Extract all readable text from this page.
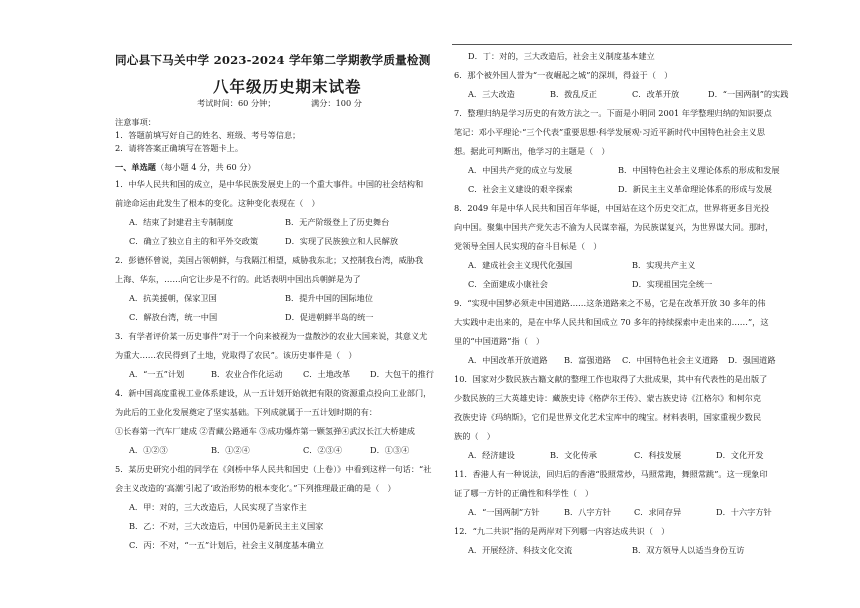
同心县下马关中学 2023-2024 学年第二学期教学质量检测
八年级历史期末试卷
考试时间：60 分钟；	满分：100 分
注意事项：
1．答题前填写好自己的姓名、班级、考号等信息；
2．请将答案正确填写在答题卡上。
一、单选题（每小题 4 分，共 60 分）
1．中华人民共和国的成立，是中华民族发展史上的一个重大事件。中国的社会结构和
前途命运由此发生了根本的变化。这种变化表现在（　）
A．结束了封建君主专制制度	B．无产阶级登上了历史舞台
C．确立了独立自主的和平外交政策	D．实现了民族独立和人民解放
2．彭德怀曾说，美国占领朝鲜，与我隔江相望，威胁我东北；又控制我台湾，威胁我
上海、华东，……向它让步是不行的。此话表明中国出兵朝鲜是为了
A．抗美援朝，保家卫国	B．提升中国的国际地位
C．解放台湾，统一中国	D．促进朝鲜半岛的统一
3．有学者评价某一历史事件“对于一个向来被视为一盘散沙的农业大国来说，其意义尤
为重大……农民得到了土地，党取得了农民”。该历史事件是（　）
A．“一五”计划	B．农业合作化运动 C．土地改革 D．大包干的推行
4．新中国高度重视工业体系建设，从一五计划开始就把有限的资源重点投向工业部门，
为此后的工业化发展奠定了坚实基础。下列成就属于一五计划时期的有：
①长春第一汽车厂建成 ②青藏公路通车 ③成功爆炸第一颗氢弹④武汉长江大桥建成
A．①②③	B．①②④	C．②③④	D．①③④
5．某历史研究小组的同学在《剑桥中华人民共和国史（上卷）》中看到这样一句话：“社
会主义改造的‘高潮’引起了‘政治形势的根本变化’。”下列推理最正确的是（　）
A．甲：对的，三大改造后，人民实现了当家作主
B．乙：不对，三大改造后，中国仍是新民主主义国家
C．丙：不对，“一五”计划后，社会主义制度基本确立
D．丁：对的，三大改造后，社会主义制度基本建立
6．那个被外国人誉为“一夜崛起之城”的深圳，得益于（　）
A．三大改造	B．拨乱反正	C．改革开放	D．“一国两制”的实践
7．整理归纳是学习历史的有效方法之一。下面是小明同 2001 年学整理归纳的知识要点
笔记：邓小平理论·“三个代表”重要思想·科学发展观·习近平新时代中国特色社会主义思
想。据此可判断出，他学习的主题是（　）
A．中国共产党的成立与发展	B．中国特色社会主义理论体系的形成和发展
C．社会主义建设的艰辛探索	D．新民主主义革命理论体系的形成与发展
8．2049 年是中华人民共和国百年华诞，中国站在这个历史交汇点，世界将更多目光投
向中国。聚集中国共产党矢志不渝为人民谋幸福，为民族谋复兴，为世界谋大同。那时，
党领导全国人民实现的奋斗目标是（　）
A．建成社会主义现代化强国	B．实现共产主义
C．全面建成小康社会	D．实现祖国完全统一
9．“实现中国梦必须走中国道路……这条道路来之不易，它是在改革开放 30 多年的伟
大实践中走出来的，是在中华人民共和国成立 70 多年的持续探索中走出来的……”，这
里的“中国道路”指（　）
A．中国改革开放道路 B．富强道路 C．中国特色社会主义道路 D．强国道路
10．国家对少数民族古籍文献的整理工作也取得了大批成果，其中有代表性的是出版了
少数民族的三大英雄史诗：藏族史诗《格萨尔王传》、蒙古族史诗《江格尔》和柯尔克
孜族史诗《玛纳斯》，它们是世界文化艺术宝库中的瑰宝。材料表明，国家重视少数民
族的（　）
A．经济建设	B．文化传承	C．科技发展	D．文化开发
11．香港人有一种说法，回归后的香港“股照常炒，马照常跑，舞照常跳”。这一现象印
证了哪一方针的正确性和科学性（　）
A．“一国两制”方针	B．八字方针	C．求同存异	D．十六字方针
12．“九二共识”指的是两岸对下列哪一内容达成共识（　）
A．开展经济、科技文化交流	B．双方领导人以适当身份互访
